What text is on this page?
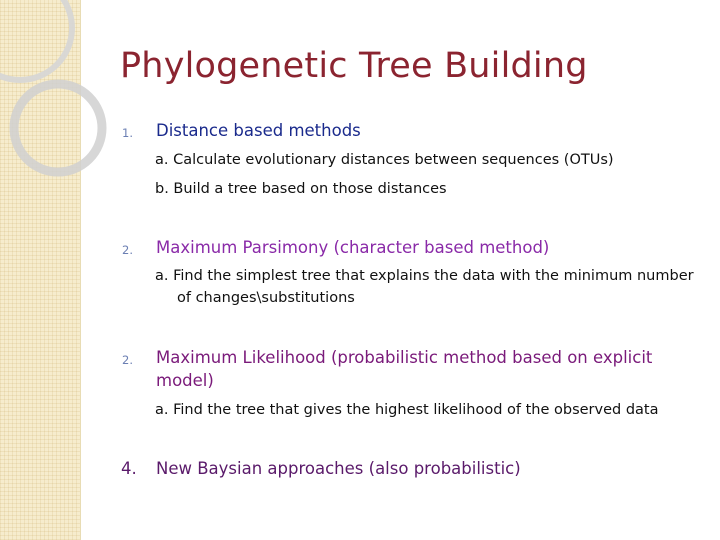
Phylogenetic Tree Building
1. Distance based methods
a. Calculate evolutionary distances between sequences (OTUs)
b. Build a tree based on those distances
2. Maximum Parsimony (character based method)
a. Find the simplest tree that explains the data with the minimum number
of changes\substitutions
2. Maximum Likelihood (probabilistic method based on explicit
model)
a. Find the tree that gives the highest likelihood of the observed data
4. New Baysian approaches (also probabilistic)
